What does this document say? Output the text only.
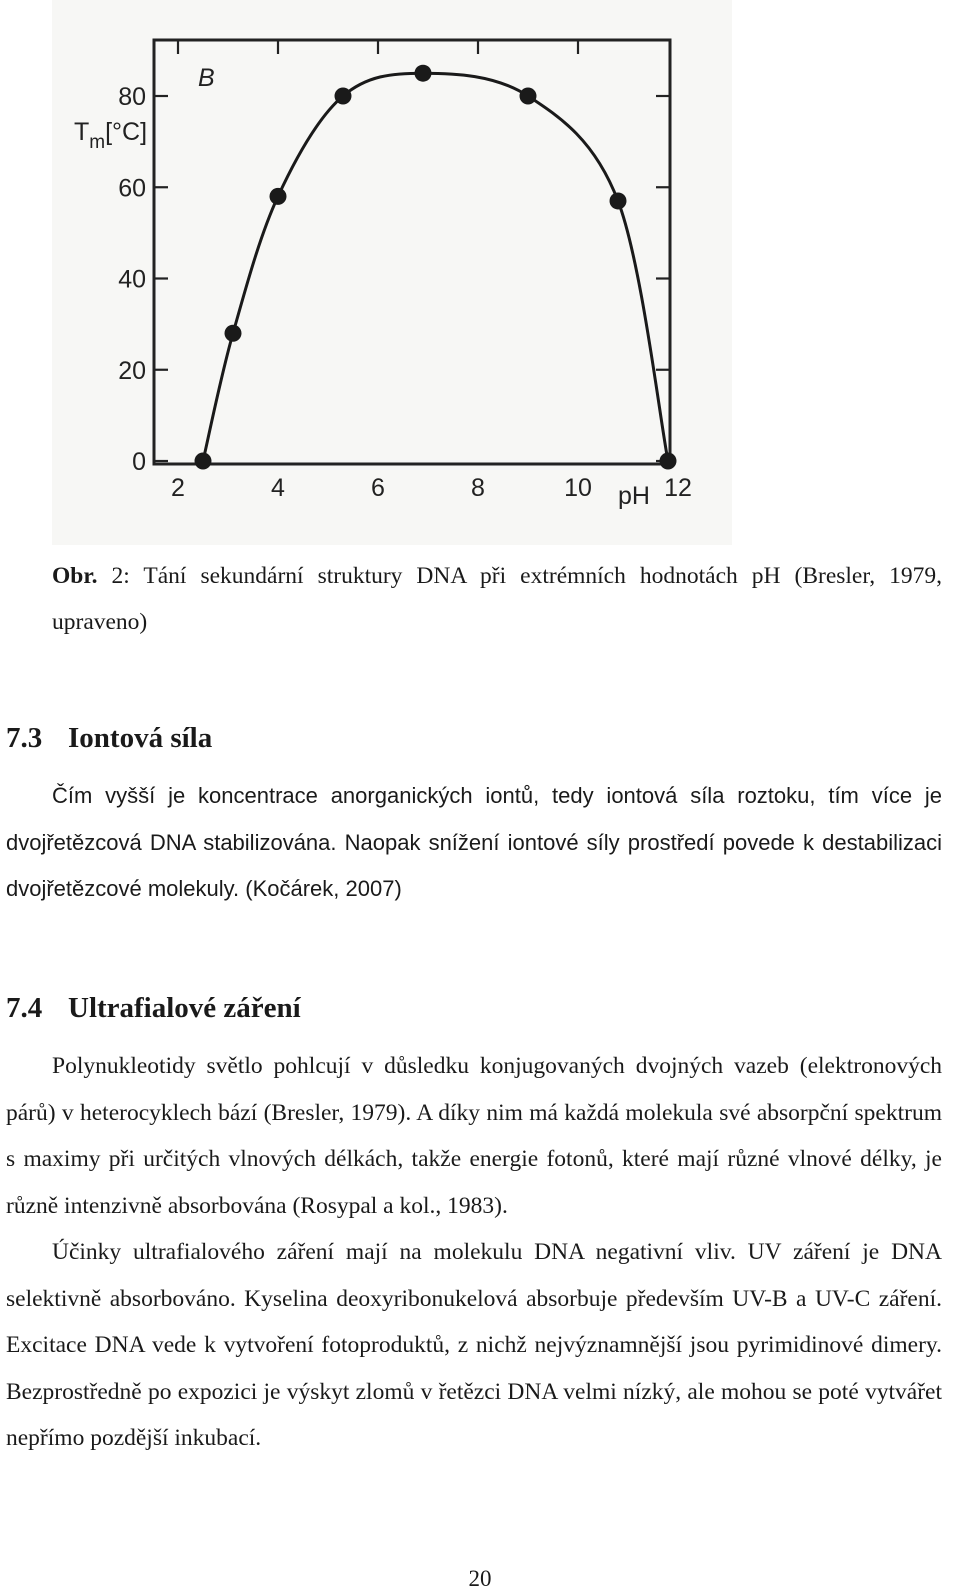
0
20
40
60
80
2	4	6	8	10	12
B
$T_m[^\circ C]$
pH
Obr. 2: Tání sekundární struktury DNA při extrémních hodnotách pH (Bresler, 1979, upraveno)
7.3 Iontová síla

Čím vyšší je koncentrace anorganických iontů, tedy iontová síla roztoku, tím více je dvojřetězcová DNA stabilizována. Naopak snížení iontové síly prostředí povede k destabilizaci dvojřetězcové molekuly. (Kočárek, 2007)

7.4 Ultrafialové záření

Polynukleotidy světlo pohlcují v důsledku konjugovaných dvojných vazeb (elektronových párů) v heterocyklech bází (Bresler, 1979). A díky nim má každá molekula své absorpční spektrum s maximy při určitých vlnových délkách, takže energie fotonů, které mají různé vlnové délky, je různě intenzivně absorbována (Rosypal a kol., 1983).

Účinky ultrafialového záření mají na molekulu DNA negativní vliv. UV záření je DNA selektivně absorbováno. Kyselina deoxyribonukelová absorbuje především UV-B a UV-C záření. Excitace DNA vede k vytvoření fotoproduktů, z nichž nejvýznamnější jsou pyrimidinové dimery. Bezprostředně po expozici je výskyt zlomů v řetězci DNA velmi nízký, ale mohou se poté vytvářet nepřímo pozdější inkubací.

20
